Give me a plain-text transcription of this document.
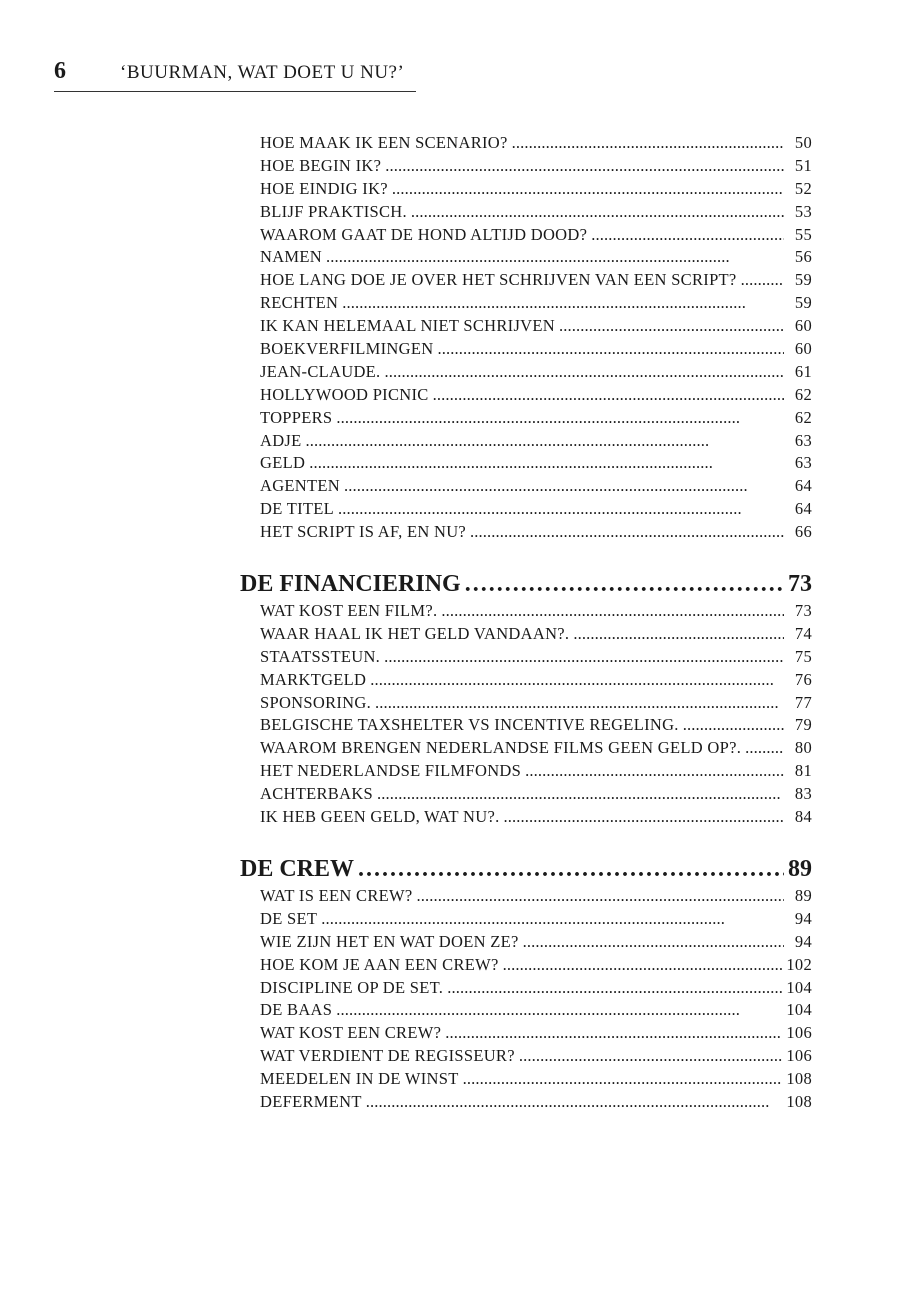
6	‘BUURMAN, WAT DOET U NU?’
HOE MAAK IK EEN SCENARIO? . . .	50
HOE BEGIN IK? . . .	51
HOE EINDIG IK? . . .	52
BLIJF PRAKTISCH. . . .	53
WAAROM GAAT DE HOND ALTIJD DOOD? . . .	55
NAMEN . . .	56
HOE LANG DOE JE OVER HET SCHRIJVEN VAN EEN SCRIPT? . . .	59
RECHTEN . . .	59
IK KAN HELEMAAL NIET SCHRIJVEN . . .	60
BOEKVERFILMINGEN . . .	60
JEAN-CLAUDE. . . .	61
HOLLYWOOD PICNIC . . .	62
TOPPERS . . .	62
ADJE . . .	63
GELD . . .	63
AGENTEN . . .	64
DE TITEL . . .	64
HET SCRIPT IS AF, EN NU? . . .	66
DE FINANCIERING . . .	73
WAT KOST EEN FILM?. . . .	73
WAAR HAAL IK HET GELD VANDAAN?. . . .	74
STAATSSTEUN. . . .	75
MARKTGELD . . .	76
SPONSORING. . . .	77
BELGISCHE TAXSHELTER VS INCENTIVE REGELING. . . .	79
WAAROM BRENGEN NEDERLANDSE FILMS GEEN GELD OP?. . . .	80
HET NEDERLANDSE FILMFONDS . . .	81
ACHTERBAKS . . .	83
IK HEB GEEN GELD, WAT NU?. . . .	84
DE CREW . . .	89
WAT IS EEN CREW? . . .	89
DE SET . . .	94
WIE ZIJN HET EN WAT DOEN ZE? . . .	94
HOE KOM JE AAN EEN CREW? . . .	102
DISCIPLINE OP DE SET. . . .	104
DE BAAS . . .	104
WAT KOST EEN CREW? . . .	106
WAT VERDIENT DE REGISSEUR? . . .	106
MEEDELEN IN DE WINST . . .	108
DEFERMENT . . .	108
